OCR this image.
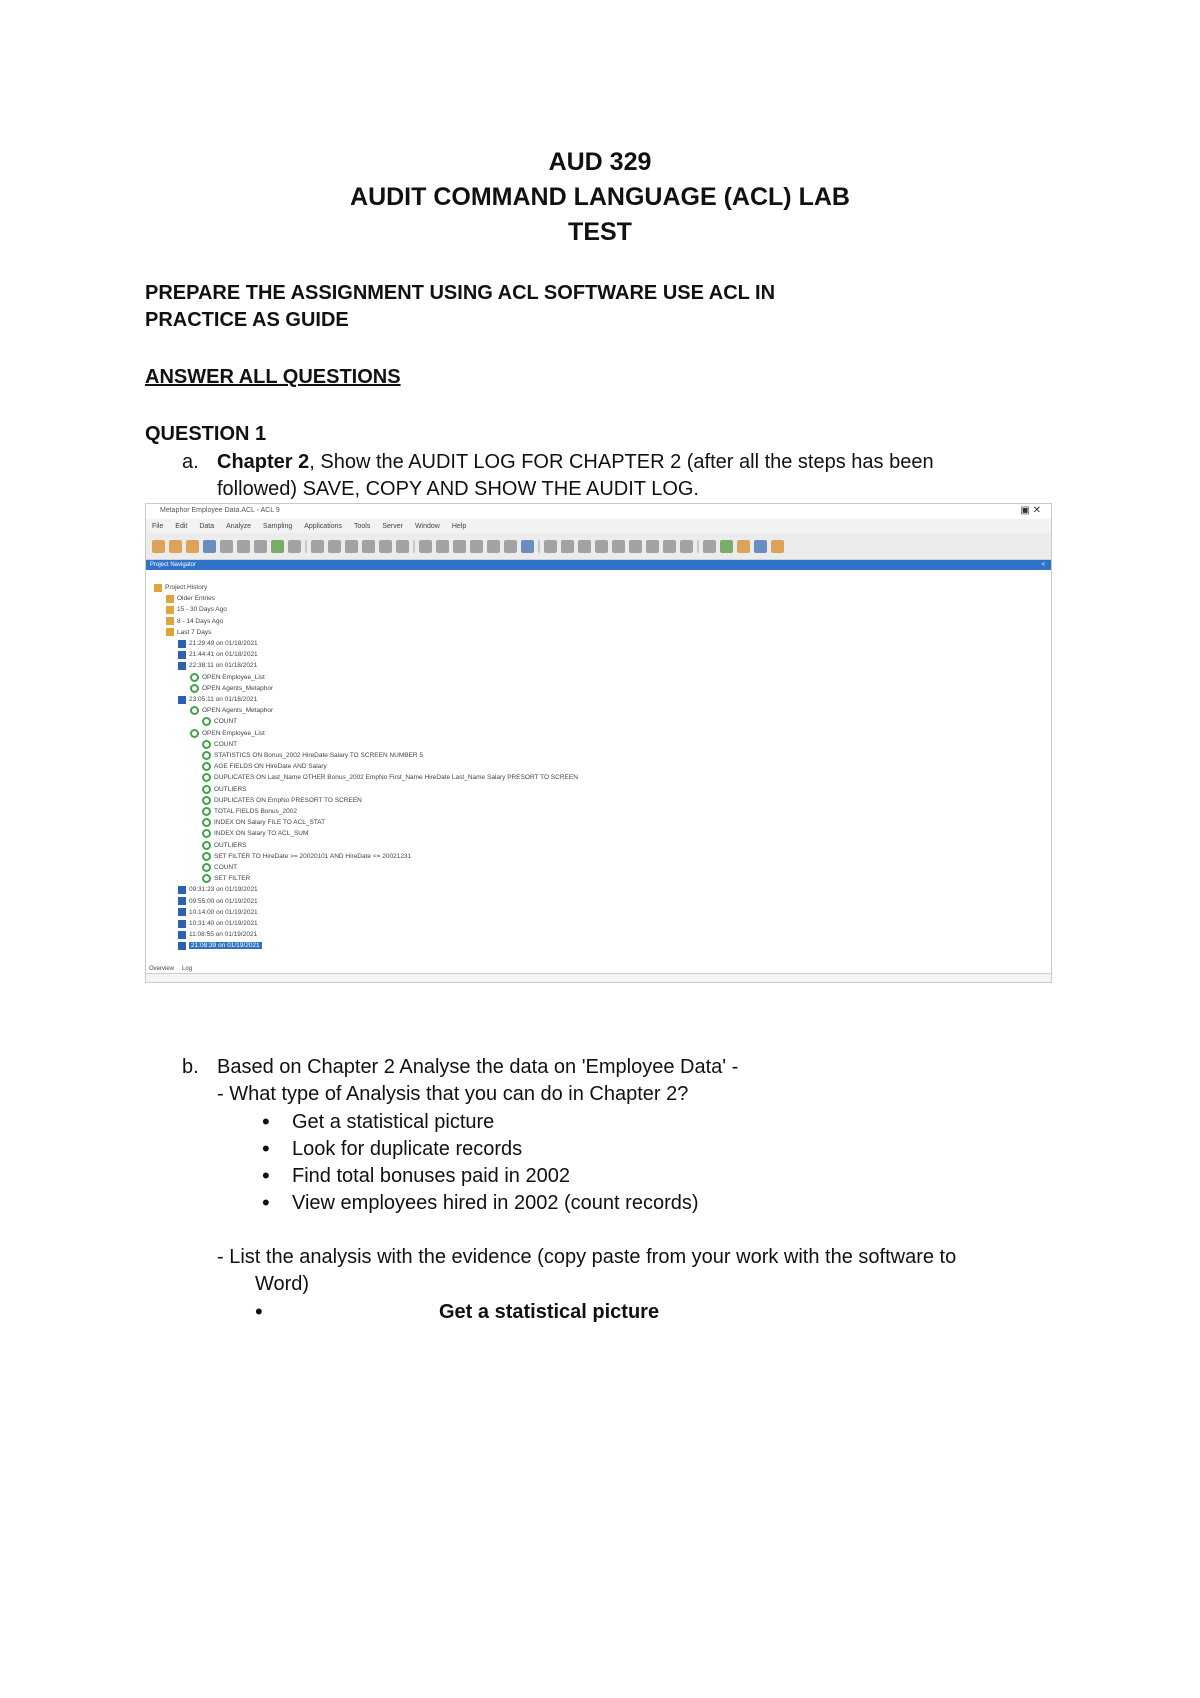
AUD 329
AUDIT COMMAND LANGUAGE (ACL) LAB
TEST
PREPARE THE ASSIGNMENT USING ACL SOFTWARE USE ACL IN
PRACTICE AS GUIDE
ANSWER ALL QUESTIONS
QUESTION 1
a. Chapter 2, Show the AUDIT LOG FOR CHAPTER 2 (after all the steps has been
followed) SAVE, COPY AND SHOW THE AUDIT LOG.
Metaphor Employee Data.ACL - ACL 9	▣ ✕
File Edit Data Analyze Sampling Applications Tools Server Window Help
Project Navigator	<
Project History
Older Entries
15 - 30 Days Ago
8 - 14 Days Ago
Last 7 Days
21:29:49 on 01/18/2021
21:44:41 on 01/18/2021
22:38:11 on 01/18/2021
OPEN Employee_List
OPEN Agents_Metaphor
23:05:11 on 01/18/2021
OPEN Agents_Metaphor
COUNT
OPEN Employee_List
COUNT
STATISTICS ON Bonus_2002 HireDate Salary TO SCREEN NUMBER 5
AGE FIELDS ON HireDate AND Salary
DUPLICATES ON Last_Name OTHER Bonus_2002 EmpNo First_Name HireDate Last_Name Salary PRESORT TO SCREEN
OUTLIERS
DUPLICATES ON EmpNo PRESORT TO SCREEN
TOTAL FIELDS Bonus_2002
INDEX ON Salary FILE TO ACL_STAT
INDEX ON Salary TO ACL_SUM
OUTLIERS
SET FILTER TO HireDate >= 20020101 AND HireDate <= 20021231
COUNT
SET FILTER
09:31:23 on 01/19/2021
09:55:00 on 01/19/2021
10:14:00 on 01/19/2021
10:31:40 on 01/19/2021
11:08:55 on 01/19/2021
21:08:39 on 01/19/2021
Overview Log
b. Based on Chapter 2 Analyse the data on 'Employee Data' -
- What type of Analysis that you can do in Chapter 2?
• Get a statistical picture
• Look for duplicate records
• Find total bonuses paid in 2002
• View employees hired in 2002 (count records)
- List the analysis with the evidence (copy paste from your work with the software to
Word)
•	Get a statistical picture
